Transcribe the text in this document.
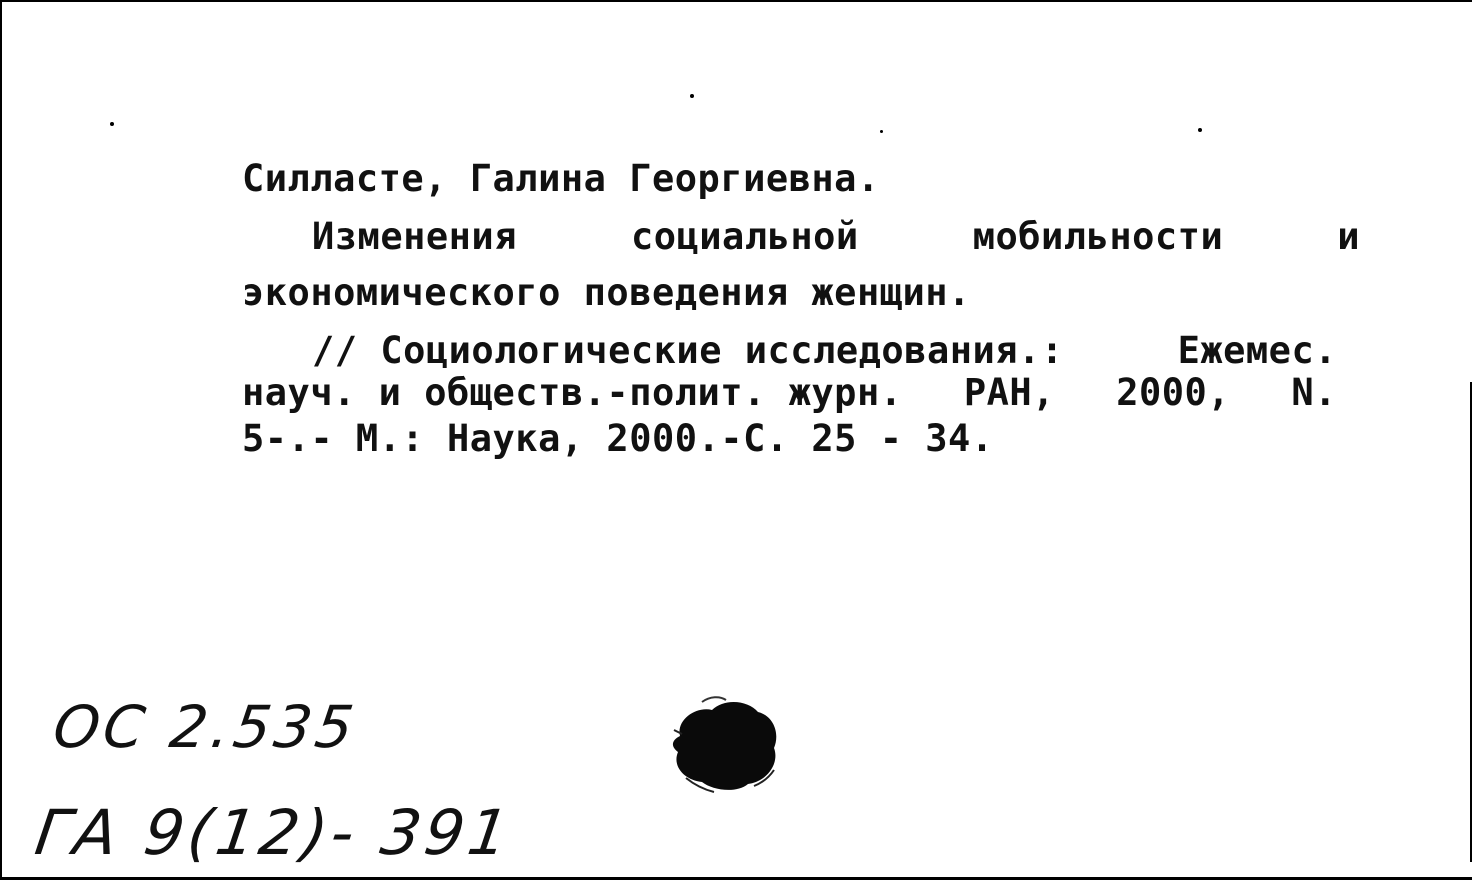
Силласте, Галина Георгиевна.
Изменения	социальной	мобильности	и
экономического поведения женщин.
// Социологические исследования.:	Ежемес.
науч. и обществ.-полит. журн. РАН, 2000, N.
5-.- М.: Наука, 2000.-С. 25 - 34.
ОС 2.535
ГА 9(12)- 391
